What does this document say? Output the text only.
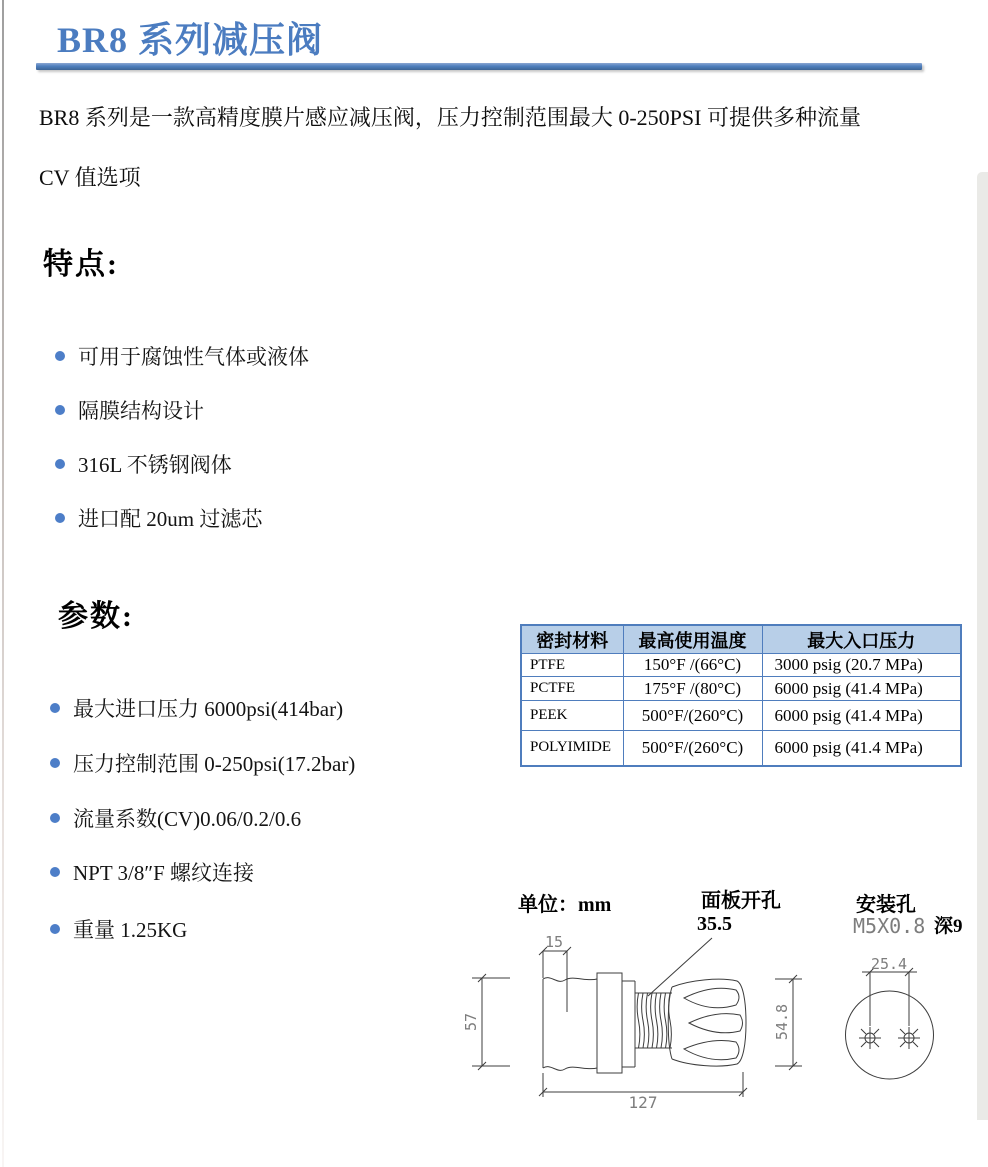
BR8 系列减压阀
BR8 系列是一款高精度膜片感应减压阀，压力控制范围最大 0-250PSI 可提供多种流量
CV 值选项
特点:
可用于腐蚀性气体或液体
隔膜结构设计
316L 不锈钢阀体
进口配 20um 过滤芯
参数:
最大进口压力 6000psi(414bar)
压力控制范围 0-250psi(17.2bar)
流量系数(CV)0.06/0.2/0.6
NPT 3/8″F 螺纹连接
重量 1.25KG
密封材料	最高使用温度	最大入口压力
PTFE	150°F /(66°C)	3000 psig (20.7 MPa)
PCTFE	175°F /(80°C)	6000 psig (41.4 MPa)
PEEK	500°F/(260°C)	6000 psig (41.4 MPa)
POLYIMIDE	500°F/(260°C)	6000 psig (41.4 MPa)
单位：mm	面板开孔
35.5
安装孔
M5X0.8 深9
15
57	54.8
127
25.4
